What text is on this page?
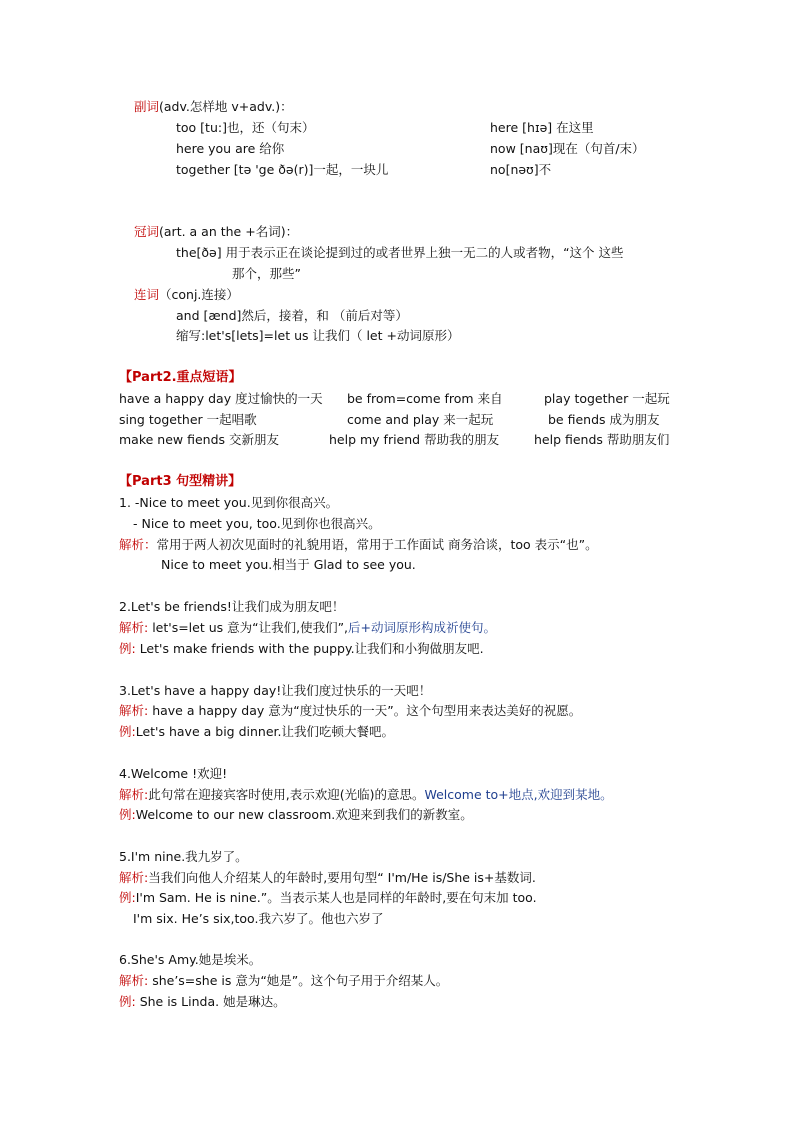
副词(adv.怎样地 v+adv.)：
too [tu:]也，还（句末）	here [hɪə] 在这里
here you are 给你	now [naʊ]现在（句首/末）
together [tə 'ge ðə(r)]一起，一块儿	no[nəʊ]不
冠词(art. a an the +名词)：
the[ðə] 用于表示正在谈论提到过的或者世界上独一无二的人或者物，“这个 这些
那个，那些”
连词（conj.连接）
and [ænd]然后，接着，和 （前后对等）
缩写:let's[lets]=let us 让我们（ let +动词原形）
【Part2.重点短语】
have a happy day 度过愉快的一天 be from=come from 来自	play together 一起玩
sing together 一起唱歌	come and play 来一起玩	be fiends 成为朋友
make new fiends 交新朋友	help my friend 帮助我的朋友	help fiends 帮助朋友们
【Part3 句型精讲】
1. -Nice to meet you.见到你很高兴。
- Nice to meet you, too.见到你也很高兴。
解析：常用于两人初次见面时的礼貌用语，常用于工作面试 商务洽谈，too 表示“也”。
Nice to meet you.相当于 Glad to see you.
2.Let's be friends!让我们成为朋友吧！
解析: let's=let us 意为“让我们,使我们”,后+动词原形构成祈使句。
例: Let's make friends with the puppy.让我们和小狗做朋友吧.
3.Let's have a happy day!让我们度过快乐的一天吧！
解析: have a happy day 意为“度过快乐的一天”。这个句型用来表达美好的祝愿。
例:Let's have a big dinner.让我们吃顿大餐吧。
4.Welcome !欢迎!
解析:此句常在迎接宾客时使用,表示欢迎(光临)的意思。Welcome to+地点,欢迎到某地。
例:Welcome to our new classroom.欢迎来到我们的新教室。
5.I'm nine.我九岁了。
解析:当我们向他人介绍某人的年龄时,要用句型“ I'm/He is/She is+基数词.
例:I'm Sam. He is nine.”。当表示某人也是同样的年龄时,要在句末加 too.
I'm six. He’s six,too.我六岁了。他也六岁了
6.She's Amy.她是埃米。
解析: she’s=she is 意为“她是”。这个句子用于介绍某人。
例: She is Linda. 她是琳达。
